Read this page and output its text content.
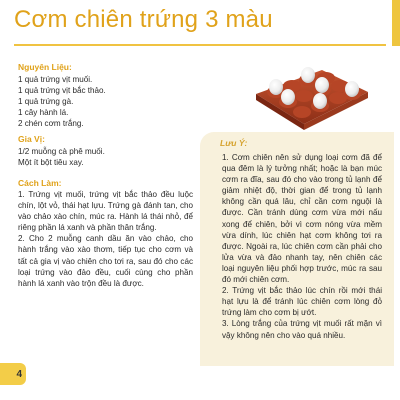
Cơm chiên trứng 3 màu
Nguyên Liệu:
1 quả trứng vịt muối.
1 quả trứng vịt bắc thảo.
1 quả trứng gà.
1 cây hành lá.
2 chén cơm trắng.
Gia Vị:
1/2 muỗng cà phê muối.
Một ít bột tiêu xay.
Cách Làm:

1. Trứng vịt muối, trứng vịt bắc thảo đều luộc chín, lột vỏ, thái hạt lựu. Trứng gà đánh tan, cho vào chảo xào chín, múc ra. Hành lá thái nhỏ, để riêng phần lá xanh và phần thân trắng.

2. Cho 2 muỗng canh dầu ăn vào chảo, cho hành trắng vào xào thơm, tiếp tục cho cơm và tất cả gia vị vào chiên cho tơi ra, sau đó cho các loại trứng vào đảo đều, cuối cùng cho phần hành lá xanh vào trộn đều là được.

Lưu Ý:

1. Cơm chiên nên sử dụng loại cơm đã để qua đêm là lý tưởng nhất; hoặc là bạn múc cơm ra đĩa, sau đó cho vào trong tủ lạnh để giảm nhiệt độ, thời gian để trong tủ lạnh không cần quá lâu, chỉ cần cơm nguội là được. Cần tránh dùng cơm vừa mới nấu xong để chiên, bởi vì cơm nóng vừa mềm vừa dính, lúc chiên hạt cơm không tơi ra được. Ngoài ra, lúc chiên cơm cần phải cho lửa vừa và đảo nhanh tay, nên chiên các loại nguyên liệu phối hợp trước, múc ra sau đó mới chiên cơm.

2. Trứng vịt bắc thảo lúc chín rồi mới thái hạt lựu là để tránh lúc chiên cơm lòng đỏ trứng làm cho cơm bị ướt.

3. Lòng trắng của trứng vịt muối rất mặn vì vậy không nên cho vào quá nhiều.

4
